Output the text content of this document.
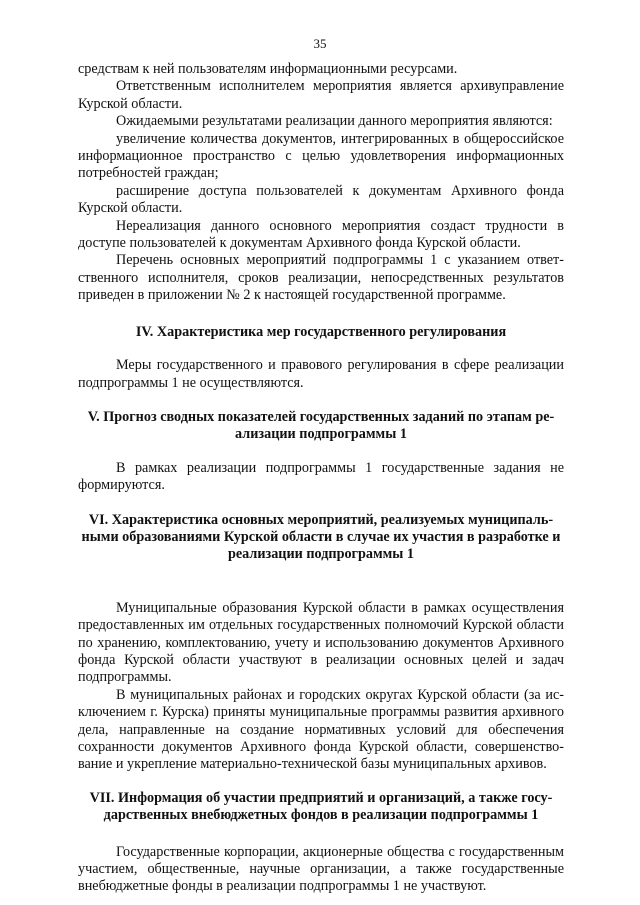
35

средствам к ней пользователям информационными ресурсами.

Ответственным исполнителем мероприятия является архивуправление Курской области.

Ожидаемыми результатами реализации данного мероприятия являются:

увеличение количества документов, интегрированных в общероссийское информационное пространство с целью удовлетворения информационных потребностей граждан;

расширение доступа пользователей к документам Архивного фонда Курской области.

Нереализация данного основного мероприятия создаст трудности в доступе пользователей к документам Архивного фонда Курской области.

Перечень основных мероприятий подпрограммы 1 с указанием ответственного исполнителя, сроков реализации, непосредственных результатов приведен в приложении № 2 к настоящей государственной программе.

IV. Характеристика мер государственного регулирования

Меры государственного и правового регулирования в сфере реализации подпрограммы 1 не осуществляются.

V. Прогноз сводных показателей государственных заданий по этапам реализации подпрограммы 1

В рамках реализации подпрограммы 1 государственные задания не формируются.

VI. Характеристика основных мероприятий, реализуемых муниципальными образованиями Курской области в случае их участия в разработке и реализации подпрограммы 1

Муниципальные образования Курской области в рамках осуществления предоставленных им отдельных государственных полномочий Курской области по хранению, комплектованию, учету и использованию документов Архивного фонда Курской области участвуют в реализации основных целей и задач подпрограммы.

В муниципальных районах и городских округах Курской области (за исключением г. Курска) приняты муниципальные программы развития архивного дела, направленные на создание нормативных условий для обеспечения сохранности документов Архивного фонда Курской области, совершенствование и укрепление материально-технической базы муниципальных архивов.

VII. Информация об участии предприятий и организаций, а также государственных внебюджетных фондов в реализации подпрограммы 1

Государственные корпорации, акционерные общества с государственным участием, общественные, научные организации, а также государственные внебюджетные фонды в реализации подпрограммы 1 не участвуют.
